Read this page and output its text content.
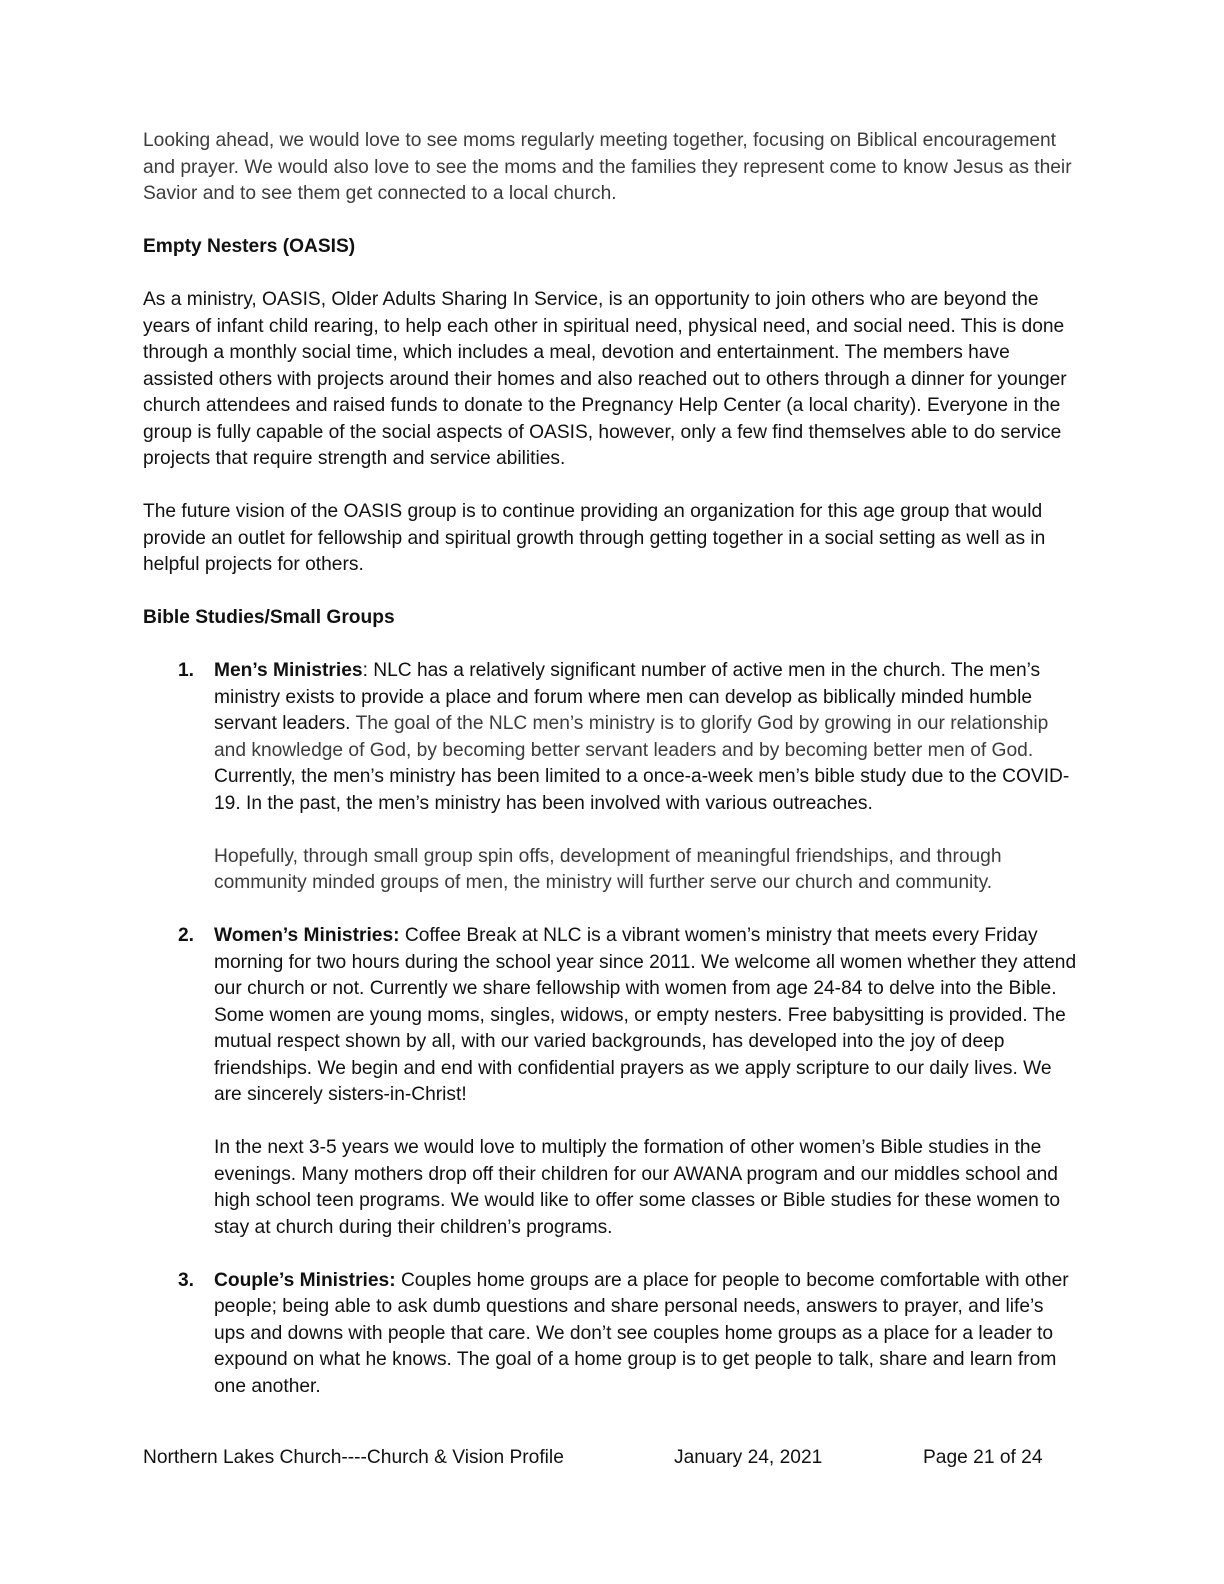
Looking ahead, we would love to see moms regularly meeting together, focusing on Biblical encouragement and prayer. We would also love to see the moms and the families they represent come to know Jesus as their Savior and to see them get connected to a local church.

Empty Nesters (OASIS)

As a ministry, OASIS, Older Adults Sharing In Service, is an opportunity to join others who are beyond the years of infant child rearing, to help each other in spiritual need, physical need, and social need. This is done through a monthly social time, which includes a meal, devotion and entertainment. The members have assisted others with projects around their homes and also reached out to others through a dinner for younger church attendees and raised funds to donate to the Pregnancy Help Center (a local charity). Everyone in the group is fully capable of the social aspects of OASIS, however, only a few find themselves able to do service projects that require strength and service abilities.

The future vision of the OASIS group is to continue providing an organization for this age group that would provide an outlet for fellowship and spiritual growth through getting together in a social setting as well as in helpful projects for others.

Bible Studies/Small Groups
1. Men’s Ministries: NLC has a relatively significant number of active men in the church. The men’s ministry exists to provide a place and forum where men can develop as biblically minded humble servant leaders. The goal of the NLC men’s ministry is to glorify God by growing in our relationship and knowledge of God, by becoming better servant leaders and by becoming better men of God. Currently, the men’s ministry has been limited to a once-a-week men’s bible study due to the COVID-19. In the past, the men’s ministry has been involved with various outreaches.

Hopefully, through small group spin offs, development of meaningful friendships, and through community minded groups of men, the ministry will further serve our church and community.

2. Women’s Ministries: Coffee Break at NLC is a vibrant women’s ministry that meets every Friday morning for two hours during the school year since 2011. We welcome all women whether they attend our church or not. Currently we share fellowship with women from age 24-84 to delve into the Bible. Some women are young moms, singles, widows, or empty nesters. Free babysitting is provided. The mutual respect shown by all, with our varied backgrounds, has developed into the joy of deep friendships. We begin and end with confidential prayers as we apply scripture to our daily lives. We are sincerely sisters-in-Christ!

In the next 3-5 years we would love to multiply the formation of other women’s Bible studies in the evenings. Many mothers drop off their children for our AWANA program and our middles school and high school teen programs. We would like to offer some classes or Bible studies for these women to stay at church during their children’s programs.

3. Couple’s Ministries: Couples home groups are a place for people to become comfortable with other people; being able to ask dumb questions and share personal needs, answers to prayer, and life’s ups and downs with people that care. We don’t see couples home groups as a place for a leader to expound on what he knows. The goal of a home group is to get people to talk, share and learn from one another.

Northern Lakes Church----Church & Vision Profile	January 24, 2021	Page 21 of 24
